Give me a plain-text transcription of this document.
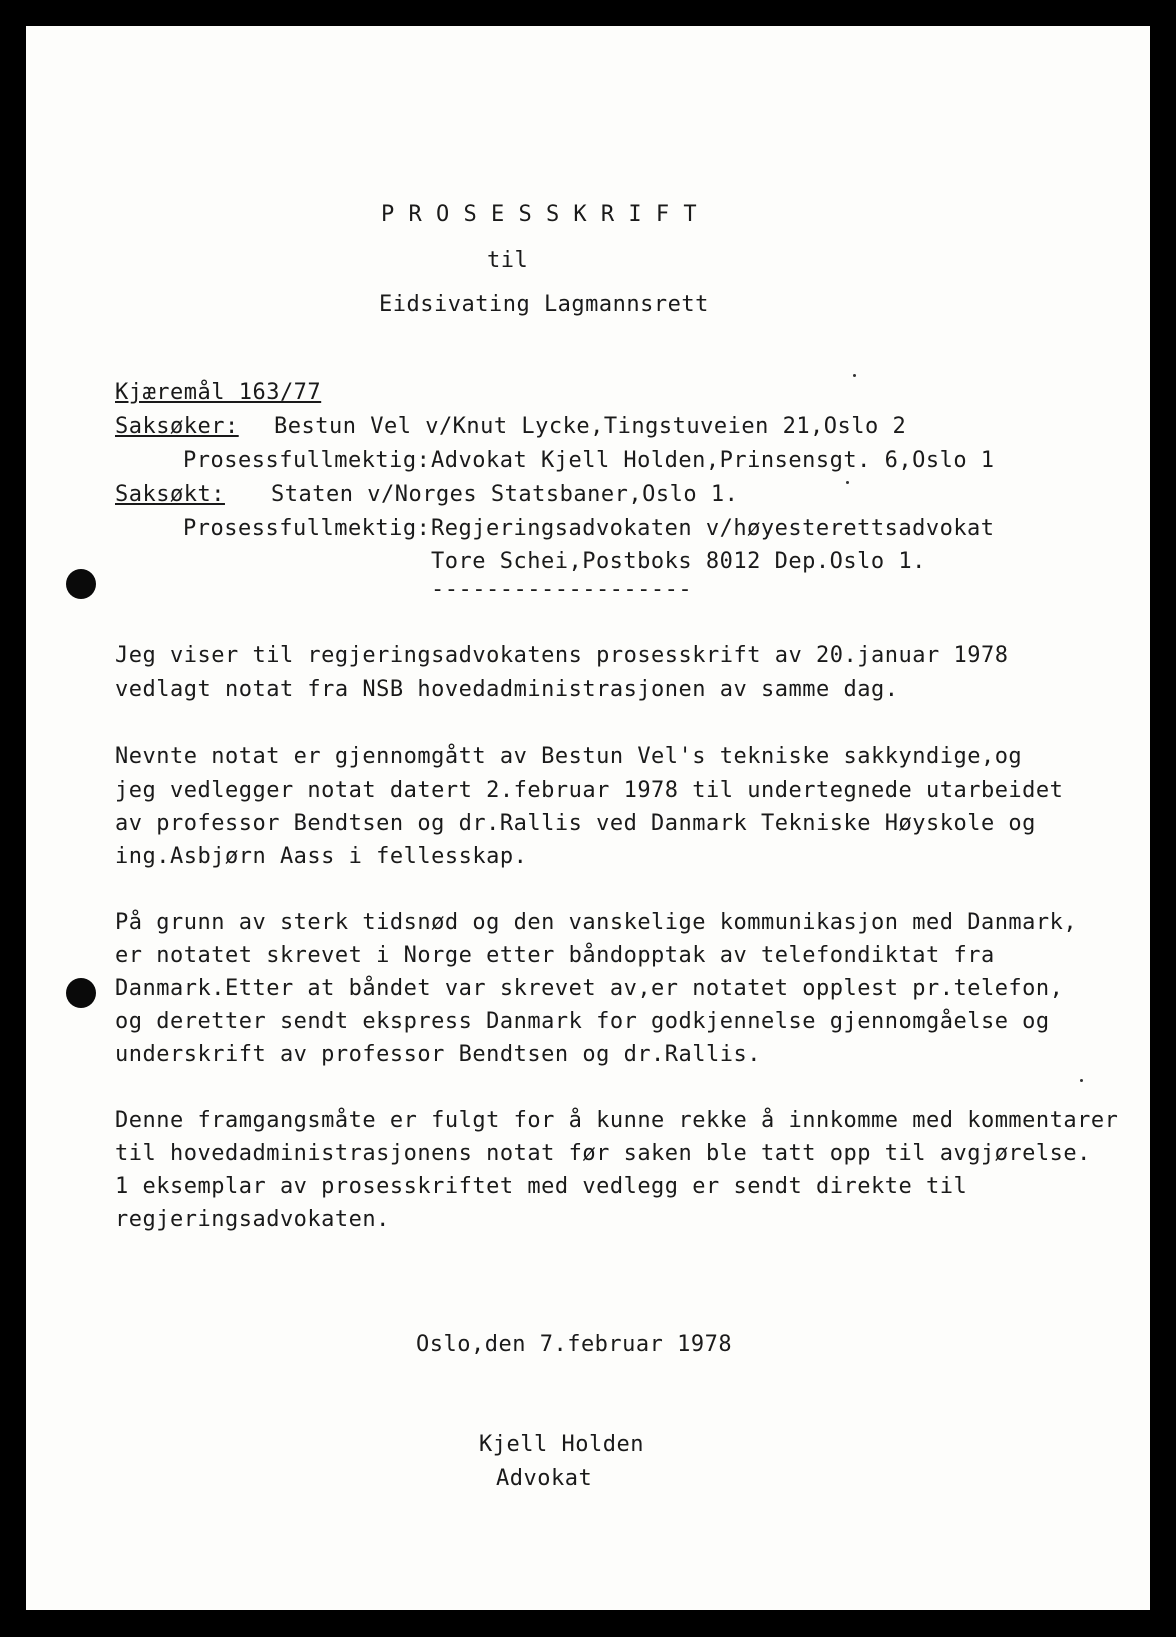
P R O S E S S K R I F T
til
Eidsivating Lagmannsrett
Kjæremål 163/77
Saksøker: Bestun Vel v/Knut Lycke,Tingstuveien 21,Oslo 2
Prosessfullmektig: Advokat Kjell Holden,Prinsensgt. 6,Oslo 1
Saksøkt: Staten v/Norges Statsbaner,Oslo 1.
Prosessfullmektig: Regjeringsadvokaten v/høyesterettsadvokat
Tore Schei,Postboks 8012 Dep.Oslo 1.
-------------------
Jeg viser til regjeringsadvokatens prosesskrift av 20.januar 1978
vedlagt notat fra NSB hovedadministrasjonen av samme dag.
Nevnte notat er gjennomgått av Bestun Vel's tekniske sakkyndige,og
jeg vedlegger notat datert 2.februar 1978 til undertegnede utarbeidet
av professor Bendtsen og dr.Rallis ved Danmark Tekniske Høyskole og
ing.Asbjørn Aass i fellesskap.
På grunn av sterk tidsnød og den vanskelige kommunikasjon med Danmark,
er notatet skrevet i Norge etter båndopptak av telefondiktat fra
Danmark.Etter at båndet var skrevet av,er notatet opplest pr.telefon,
og deretter sendt ekspress Danmark for godkjennelse gjennomgåelse og
underskrift av professor Bendtsen og dr.Rallis.
Denne framgangsmåte er fulgt for å kunne rekke å innkomme med kommentarer
til hovedadministrasjonens notat før saken ble tatt opp til avgjørelse.
1 eksemplar av prosesskriftet med vedlegg er sendt direkte til
regjeringsadvokaten.
Oslo,den 7.februar 1978
Kjell Holden
Advokat
